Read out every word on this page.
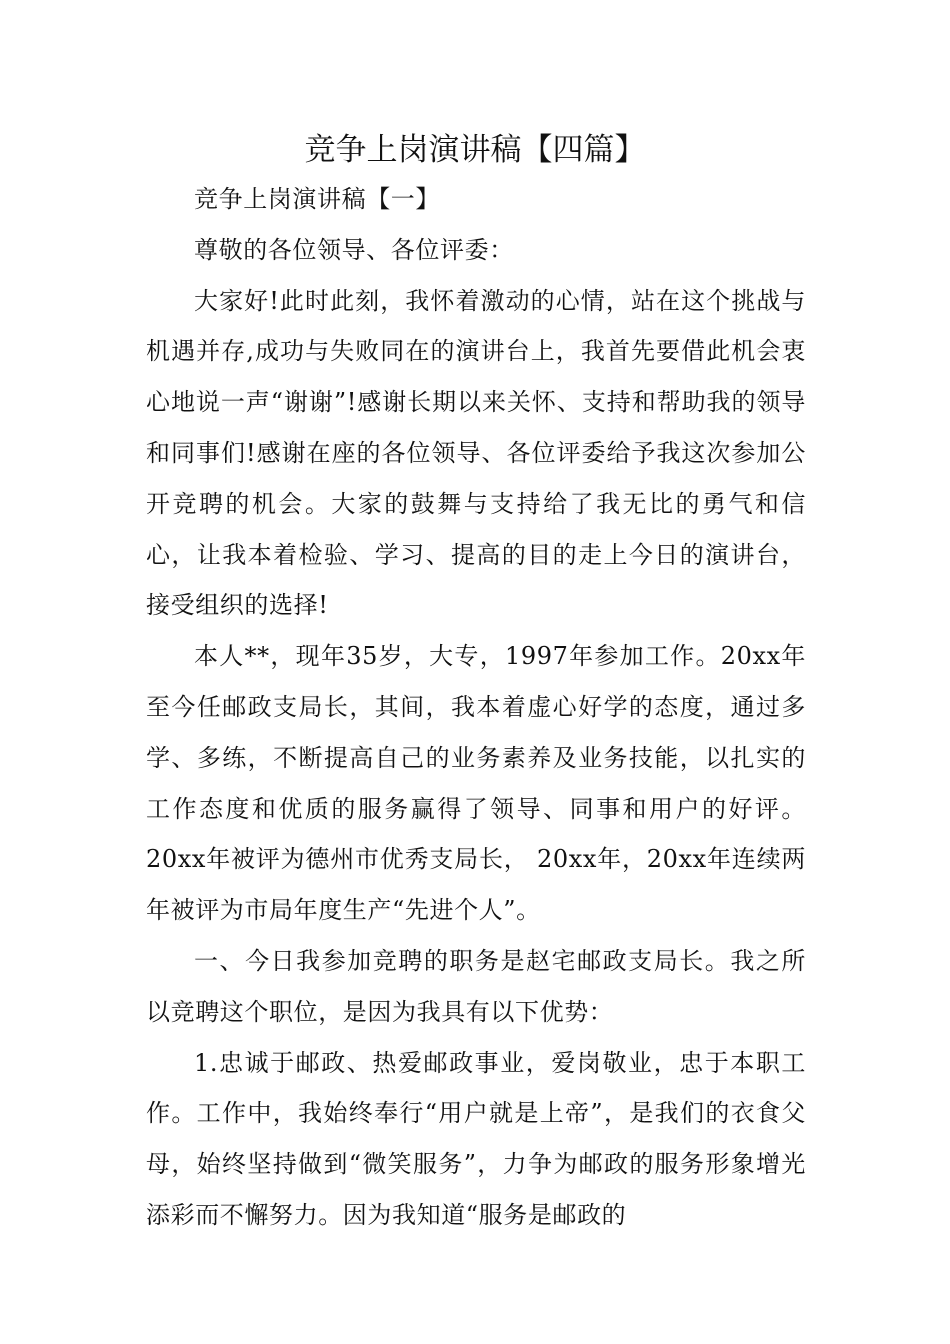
竞争上岗演讲稿【四篇】

竞争上岗演讲稿【一】

尊敬的各位领导、各位评委：

大家好!此时此刻，我怀着激动的心情，站在这个挑战与机遇并存,成功与失败同在的演讲台上，我首先要借此机会衷心地说一声“谢谢”!感谢长期以来关怀、支持和帮助我的领导和同事们!感谢在座的各位领导、各位评委给予我这次参加公开竞聘的机会。大家的鼓舞与支持给了我无比的勇气和信心，让我本着检验、学习、提高的目的走上今日的演讲台，接受组织的选择!

本人**，现年35岁，大专，1997年参加工作。20xx年至今任邮政支局长，其间，我本着虚心好学的态度，通过多学、多练，不断提高自己的业务素养及业务技能，以扎实的工作态度和优质的服务赢得了领导、同事和用户的好评。20xx年被评为德州市优秀支局长， 20xx年，20xx年连续两年被评为市局年度生产“先进个人”。

一、今日我参加竞聘的职务是赵宅邮政支局长。我之所以竞聘这个职位，是因为我具有以下优势：

1.忠诚于邮政、热爱邮政事业，爱岗敬业，忠于本职工作。工作中，我始终奉行“用户就是上帝”，是我们的衣食父母，始终坚持做到“微笑服务”，力争为邮政的服务形象增光添彩而不懈努力。因为我知道“服务是邮政的
